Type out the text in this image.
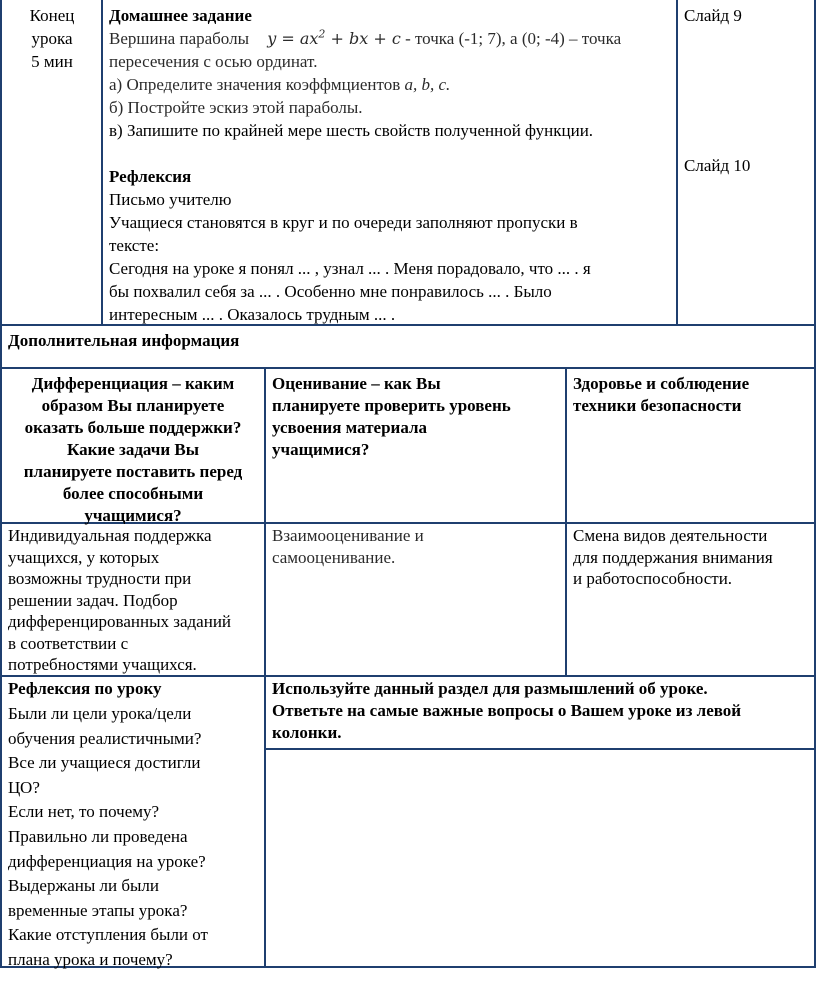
Конец
урока
5 мин
Домашнее задание
Вершина параболы $y = ax^2$ + bx + c - точка (-1; 7), а (0; -4) – точка
пересечения с осью ординат.
а) Определите значения коэффмциентов a, b, c.
б) Постройте эскиз этой параболы.
в) Запишите по крайней мере шесть свойств полученной функции.
Рефлексия
Письмо учителю
Учащиеся становятся в круг и по очереди заполняют пропуски в
тексте:
Сегодня на уроке я понял ... , узнал ... . Меня порадовало, что ... . я
бы похвалил себя за ... . Особенно мне понравилось ... . Было
интересным ... . Оказалось трудным ... .
Слайд 9
Слайд 10
Дополнительная информация
Дифференциация – каким
образом Вы планируете
оказать больше поддержки?
Какие задачи Вы
планируете поставить перед
более способными
учащимися?
Оценивание – как Вы
планируете проверить уровень
усвоения материала
учащимися?
Здоровье и соблюдение
техники безопасности
Индивидуальная поддержка
учащихся, у которых
возможны трудности при
решении задач. Подбор
дифференцированных заданий
в соответствии с
потребностями учащихся.
Взаимооценивание и
самооценивание.
Смена видов деятельности
для поддержания внимания
и работоспособности.
Рефлексия по уроку
Были ли цели урока/цели
обучения реалистичными?
Все ли учащиеся достигли
ЦО?
Если нет, то почему?
Правильно ли проведена
дифференциация на уроке?
Выдержаны ли были
временные этапы урока?
Какие отступления были от
плана урока и почему?
Используйте данный раздел для размышлений об уроке.
Ответьте на самые важные вопросы о Вашем уроке из левой
колонки.
